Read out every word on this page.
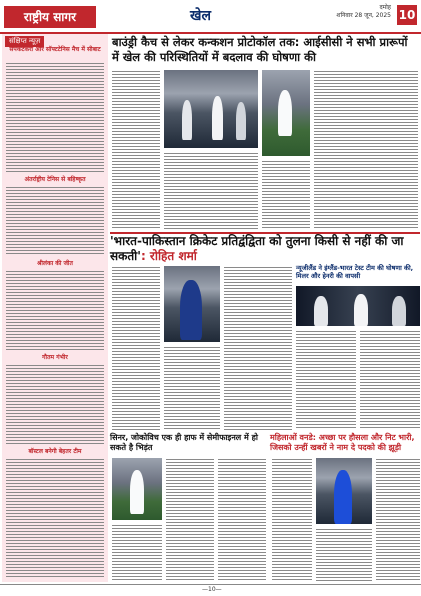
राष्ट्रीय सागर	खेल
दमोह
शनिवार 28 जून, 2025 10
संक्षिप्त न्यूज़
सेपकटैकरा और सॉफ्टटेनिस मैच में सीबाट
अंतर्राष्ट्रीय टेनिस से बहिष्कृत
श्रीलंका की जीत
गौतम गंभीर
बॉस्टल बनेगी बेहतर टीम
बाउंड्री कैच से लेकर कन्कशन प्रोटोकॉल तक: आईसीसी ने सभी प्रारूपों में खेल की परिस्थितियों में बदलाव की घोषणा की
'भारत-पाकिस्तान क्रिकेट प्रतिद्वंद्विता को तुलना किसी से नहीं की जा सकती': रोहित शर्मा
न्यूजीलैंड ने इंग्लैंड-भारत टेस्ट टीम की घोषणा की, मिलर और हेनरी की वापसी
सिनर, जोकोविच एक ही हाफ में सेमीफाइनल में हो सकते है भिड़ंत
महिलाओं वनडे: अच्छा पर हौसला और निट भारी, जिसको उन्हीं खबरों ने नाम दे पदको की झूड़ी
—10—
